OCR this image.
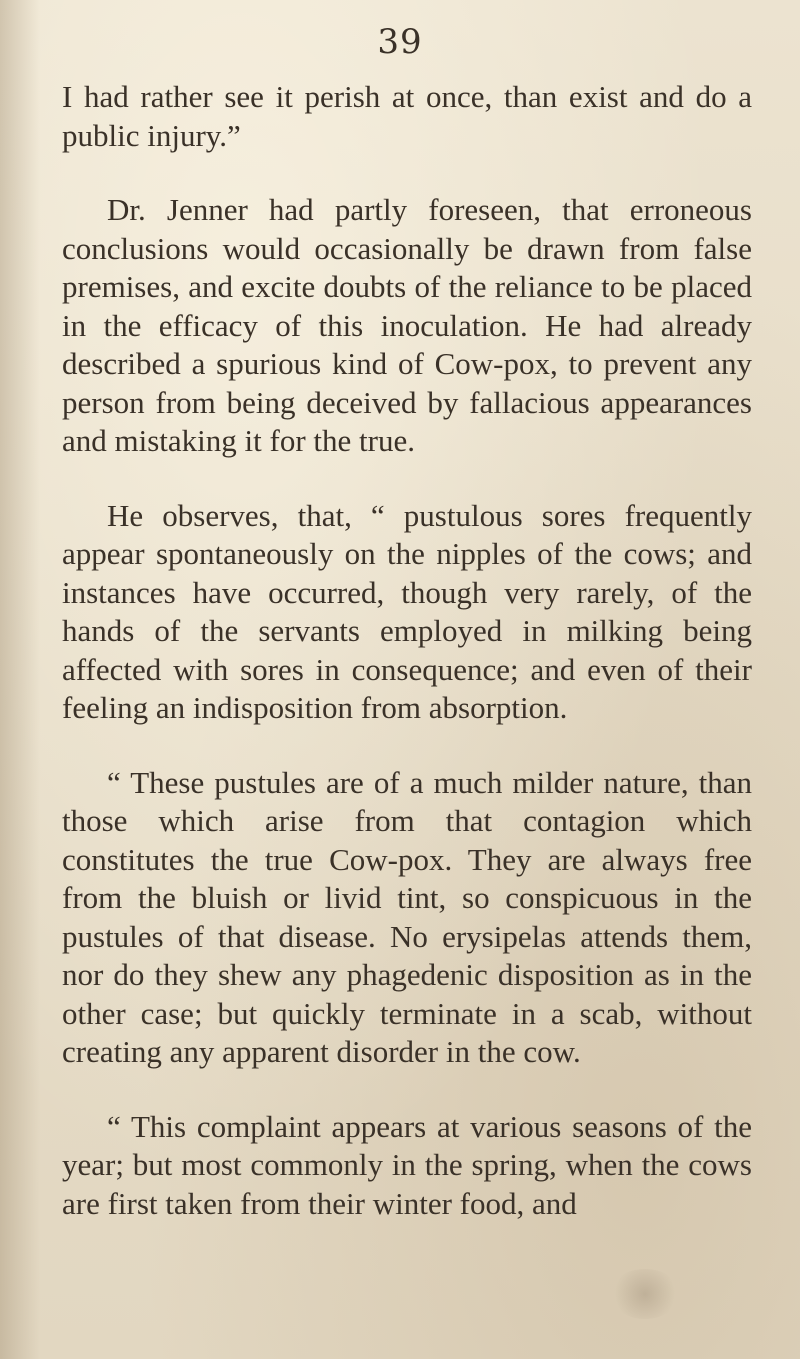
39

I had rather see it perish at once, than exist and do a public injury.”

Dr. Jenner had partly foreseen, that erroneous conclusions would occasionally be drawn from false premises, and excite doubts of the reliance to be placed in the efficacy of this inoculation. He had already described a spurious kind of Cow-pox, to prevent any person from being deceived by fallacious appearances and mistaking it for the true.

He observes, that, “ pustulous sores frequently appear spontaneously on the nipples of the cows; and instances have occurred, though very rarely, of the hands of the servants employed in milking being affected with sores in consequence; and even of their feeling an indisposition from absorption.

“ These pustules are of a much milder nature, than those which arise from that contagion which constitutes the true Cow-pox. They are always free from the bluish or livid tint, so conspicuous in the pustules of that disease. No erysipelas attends them, nor do they shew any phagedenic disposition as in the other case; but quickly terminate in a scab, without creating any apparent disorder in the cow.

“ This complaint appears at various seasons of the year; but most commonly in the spring, when the cows are first taken from their winter food, and
